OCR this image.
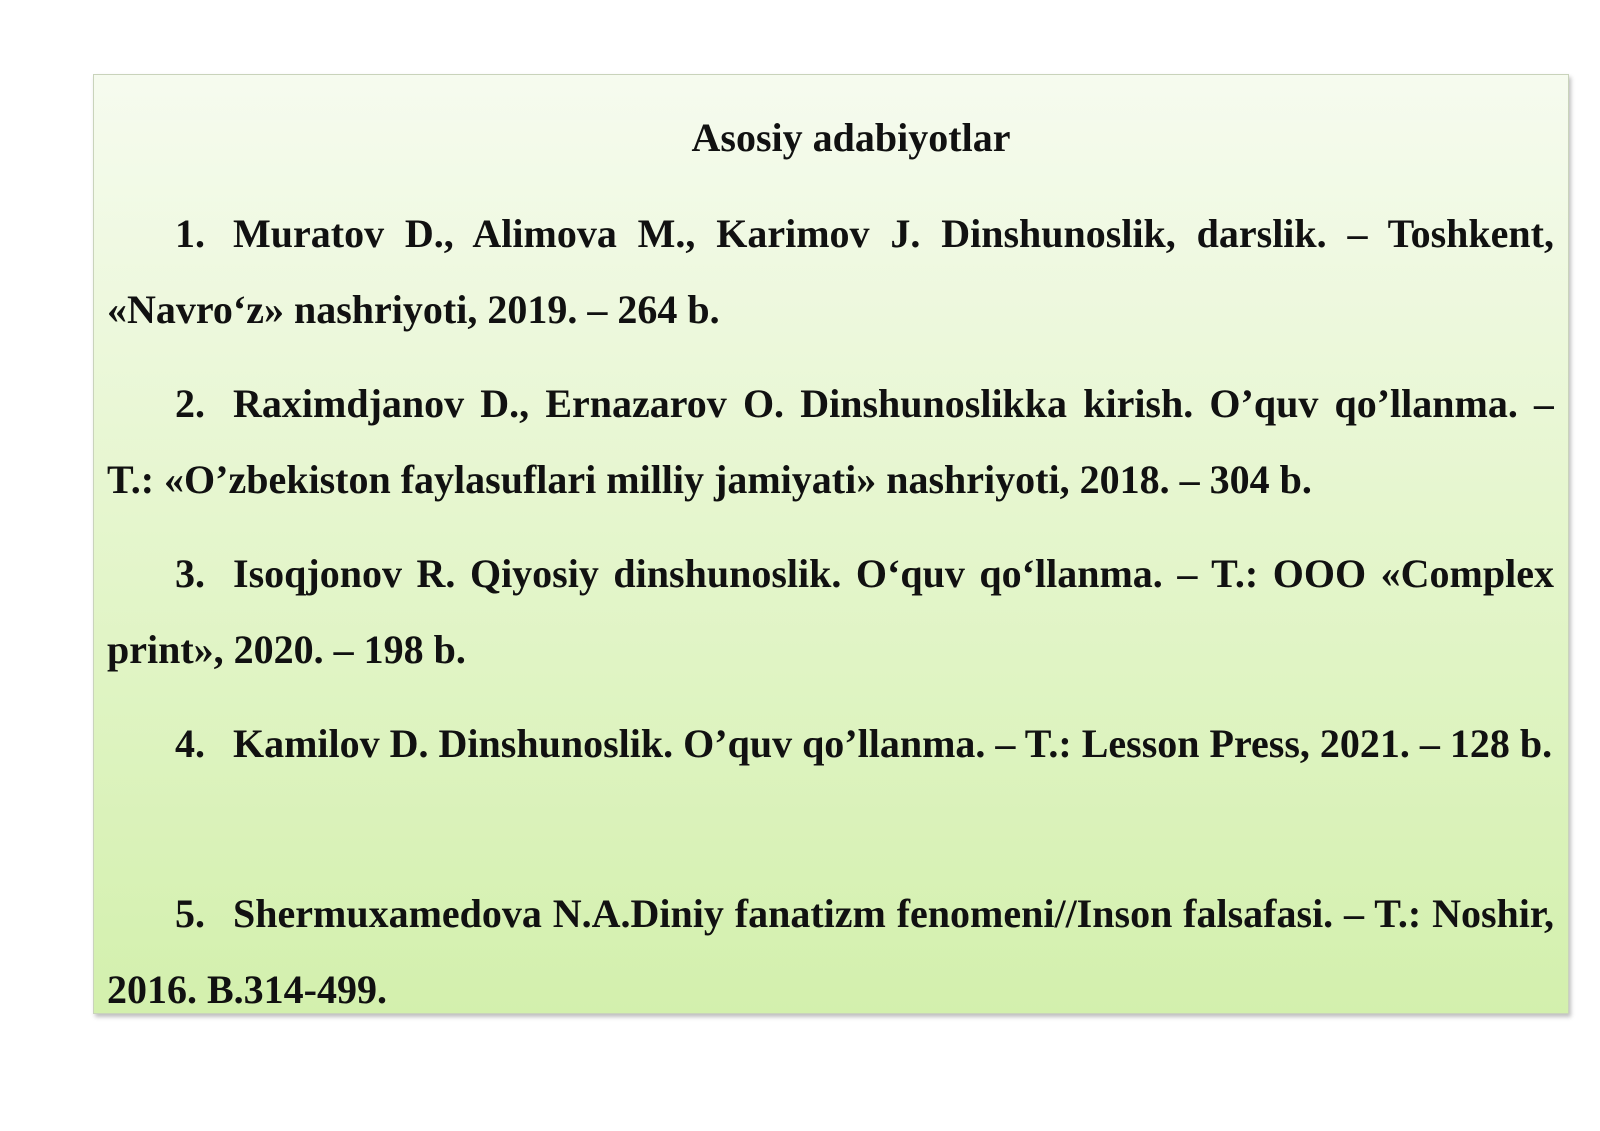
Asosiy adabiyotlar
1. Muratov D., Alimova M., Karimov J. Dinshunoslik, darslik. – Toshkent, «Navro‘z» nashriyoti, 2019. – 264 b.
2. Raximdjanov D., Ernazarov O. Dinshunoslikka kirish. O’quv qo’llanma. – T.: «O’zbekiston faylasuflari milliy jamiyati» nashriyoti, 2018. – 304 b.
3. Isoqjonov R. Qiyosiy dinshunoslik. O‘quv qo‘llanma. – T.: OOO «Complex print», 2020. – 198 b.
4. Kamilov D. Dinshunoslik. O’quv qo’llanma. – T.: Lesson Press, 2021. – 128 b.
5. Shermuxamedova N.A.Diniy fanatizm fenomeni//Inson falsafasi. – T.: Noshir, 2016. B.314-499.
